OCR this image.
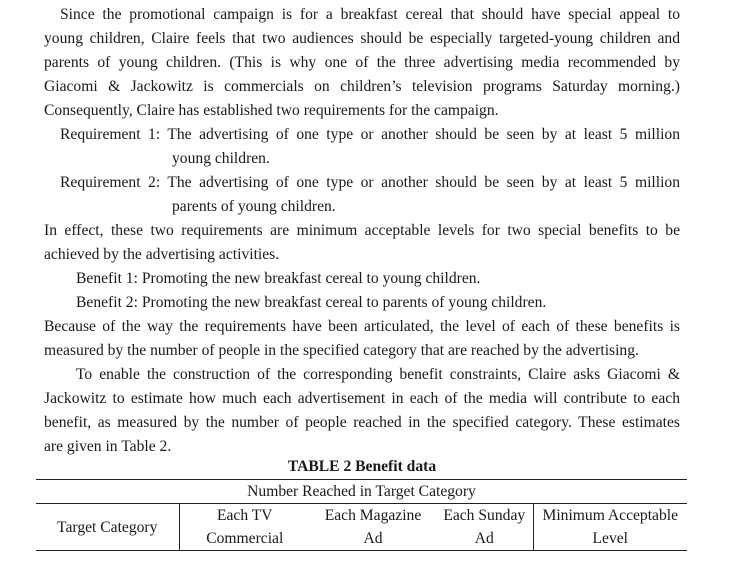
Since the promotional campaign is for a breakfast cereal that should have special appeal to
young children, Claire feels that two audiences should be especially targeted-young children and
parents of young children. (This is why one of the three advertising media recommended by
Giacomi & Jackowitz is commercials on children’s television programs Saturday morning.)
Consequently, Claire has established two requirements for the campaign.
Requirement 1: The advertising of one type or another should be seen by at least 5 million
young children.
Requirement 2: The advertising of one type or another should be seen by at least 5 million
parents of young children.
In effect, these two requirements are minimum acceptable levels for two special benefits to be
achieved by the advertising activities.
Benefit 1: Promoting the new breakfast cereal to young children.
Benefit 2: Promoting the new breakfast cereal to parents of young children.
Because of the way the requirements have been articulated, the level of each of these benefits is
measured by the number of people in the specified category that are reached by the advertising.
To enable the construction of the corresponding benefit constraints, Claire asks Giacomi &
Jackowitz to estimate how much each advertisement in each of the media will contribute to each
benefit, as measured by the number of people reached in the specified category. These estimates
are given in Table 2.
TABLE 2 Benefit data
Number Reached in Target Category				
Target Category	Each TV	Each Magazine	Each Sunday	Minimum Acceptable
	Commercial	Ad	Ad	Level
